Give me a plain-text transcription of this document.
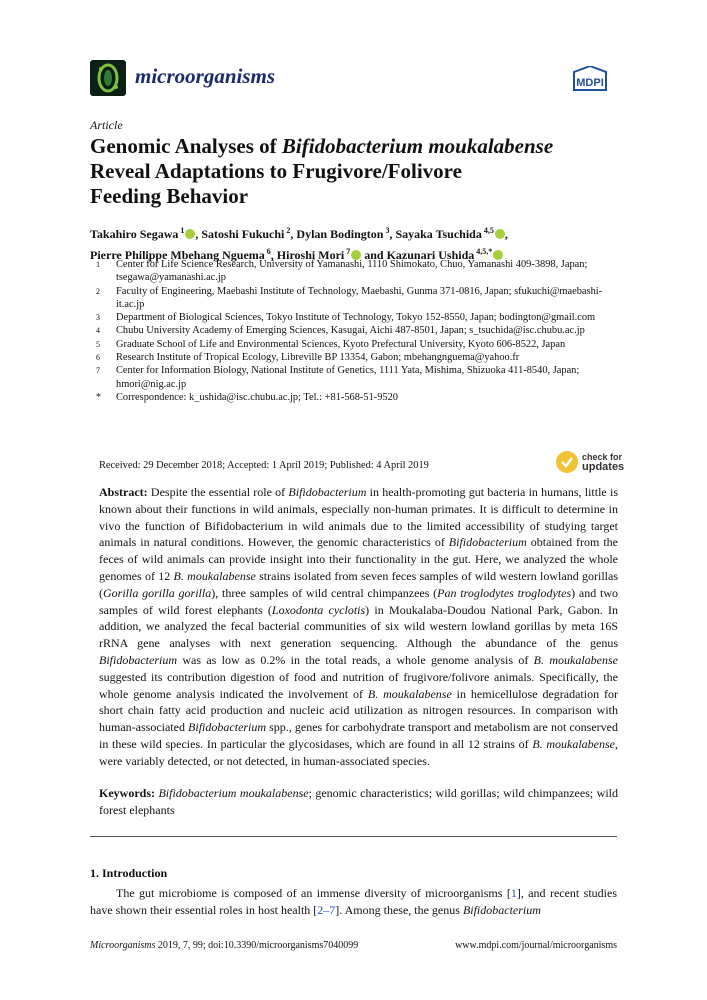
microorganisms	MDPI
Article
Genomic Analyses of Bifidobacterium moukalabense
Reveal Adaptations to Frugivore/Folivore
Feeding Behavior
Takahiro Segawa $^1$ , Satoshi Fukuchi $^2$, Dylan Bodington $^3$, Sayaka Tsuchida $^{4,5}$ ,
Pierre Philippe Mbehang Nguema $^6$, Hiroshi Mori $^7$ and Kazunari Ushida $^{4,5,*}$
1 Center for Life Science Research, University of Yamanashi, 1110 Shimokato, Chuo, Yamanashi 409-3898, Japan; tsegawa@yamanashi.ac.jp
2 Faculty of Engineering, Maebashi Institute of Technology, Maebashi, Gunma 371-0816, Japan; sfukuchi@maebashi-it.ac.jp
3 Department of Biological Sciences, Tokyo Institute of Technology, Tokyo 152-8550, Japan; bodington@gmail.com
4 Chubu University Academy of Emerging Sciences, Kasugai, Aichi 487-8501, Japan; s_tsuchida@isc.chubu.ac.jp
5 Graduate School of Life and Environmental Sciences, Kyoto Prefectural University, Kyoto 606-8522, Japan
6 Research Institute of Tropical Ecology, Libreville BP 13354, Gabon; mbehangnguema@yahoo.fr
7 Center for Information Biology, National Institute of Genetics, 1111 Yata, Mishima, Shizuoka 411-8540, Japan; hmori@nig.ac.jp
* Correspondence: k_ushida@isc.chubu.ac.jp; Tel.: +81-568-51-9520
Received: 29 December 2018; Accepted: 1 April 2019; Published: 4 April 2019
check for
updates
Abstract: Despite the essential role of Bifidobacterium in health-promoting gut bacteria in humans, little is known about their functions in wild animals, especially non-human primates. It is difficult to determine in vivo the function of Bifidobacterium in wild animals due to the limited accessibility of studying target animals in natural conditions. However, the genomic characteristics of Bifidobacterium obtained from the feces of wild animals can provide insight into their functionality in the gut. Here, we analyzed the whole genomes of 12 B. moukalabense strains isolated from seven feces samples of wild western lowland gorillas (Gorilla gorilla gorilla), three samples of wild central chimpanzees (Pan troglodytes troglodytes) and two samples of wild forest elephants (Loxodonta cyclotis) in Moukalaba-Doudou National Park, Gabon. In addition, we analyzed the fecal bacterial communities of six wild western lowland gorillas by meta 16S rRNA gene analyses with next generation sequencing. Although the abundance of the genus Bifidobacterium was as low as 0.2% in the total reads, a whole genome analysis of B. moukalabense suggested its contribution digestion of food and nutrition of frugivore/folivore animals. Specifically, the whole genome analysis indicated the involvement of B. moukalabense in hemicellulose degradation for short chain fatty acid production and nucleic acid utilization as nitrogen resources. In comparison with human-associated Bifidobacterium spp., genes for carbohydrate transport and metabolism are not conserved in these wild species. In particular the glycosidases, which are found in all 12 strains of B. moukalabense, were variably detected, or not detected, in human-associated species.
Keywords: Bifidobacterium moukalabense; genomic characteristics; wild gorillas; wild chimpanzees; wild forest elephants
1. Introduction
The gut microbiome is composed of an immense diversity of microorganisms [1], and recent studies have shown their essential roles in host health [2–7]. Among these, the genus Bifidobacterium
Microorganisms 2019, 7, 99; doi:10.3390/microorganisms7040099	www.mdpi.com/journal/microorganisms
